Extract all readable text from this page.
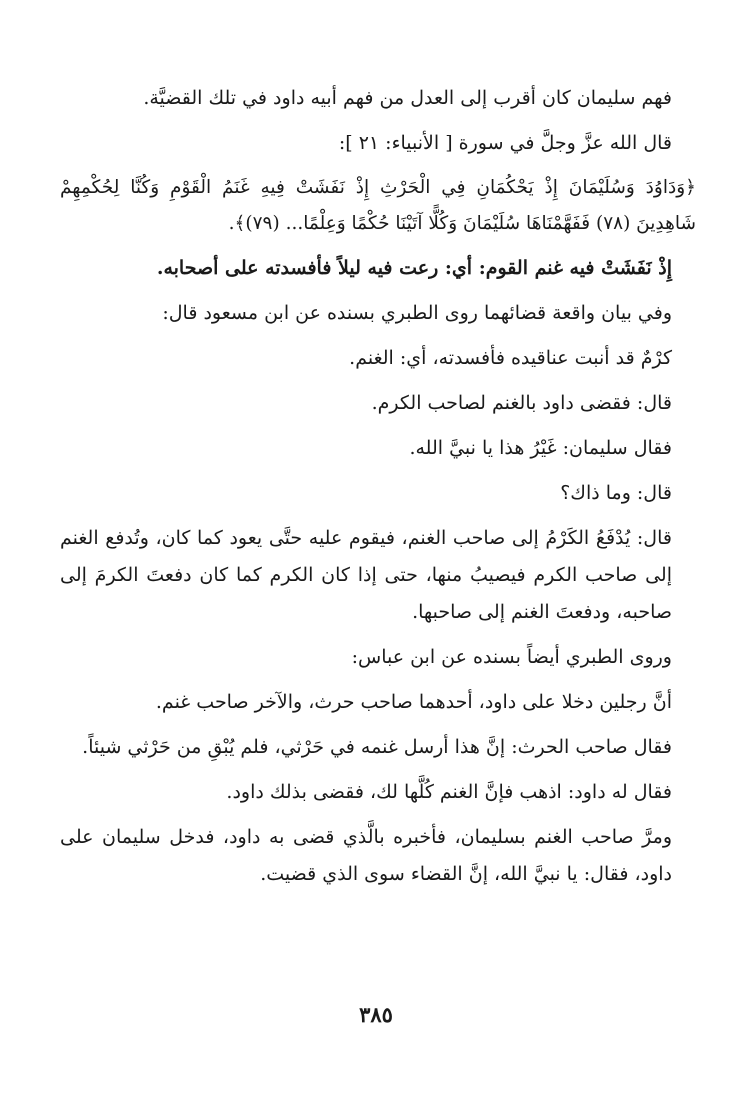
فهم سليمان كان أقرب إلى العدل من فهم أبيه داود في تلك القضيَّة.

قال الله عزَّ وجلَّ في سورة [ الأنبياء: ٢١ ]:

﴿وَدَاوُدَ وَسُلَيْمَانَ إِذْ يَحْكُمَانِ فِي الْحَرْثِ إِذْ نَفَشَتْ فِيهِ غَنَمُ الْقَوْمِ وَكُنَّا لِحُكْمِهِمْ شَاهِدِينَ (٧٨) فَفَهَّمْنَاهَا سُلَيْمَانَ وَكُلًّا آتَيْنَا حُكْمًا وَعِلْمًا... (٧٩)﴾.

إِذْ نَفَشَتْ فيه غنم القوم: أي: رعت فيه ليلاً فأفسدته على أصحابه.

وفي بيان واقعة قضائهما روى الطبري بسنده عن ابن مسعود قال:

كرْمٌ قد أنبت عناقيده فأفسدته، أي: الغنم.

قال: فقضى داود بالغنم لصاحب الكرم.

فقال سليمان: غَيْرُ هذا يا نبيَّ الله.

قال: وما ذاك؟

قال: يُدْفَعُ الكَرْمُ إلى صاحب الغنم، فيقوم عليه حتَّى يعود كما كان، وتُدفع الغنم إلى صاحب الكرم فيصيبُ منها، حتى إذا كان الكرم كما كان دفعتَ الكرمَ إلى صاحبه، ودفعتَ الغنم إلى صاحبها.

وروى الطبري أيضاً بسنده عن ابن عباس:

أنَّ رجلين دخلا على داود، أحدهما صاحب حرث، والآخر صاحب غنم.

فقال صاحب الحرث: إنَّ هذا أرسل غنمه في حَرْثي، فلم يُبْقِ من حَرْثي شيئاً.

فقال له داود: اذهب فإنَّ الغنم كُلَّها لك، فقضى بذلك داود.

ومرَّ صاحب الغنم بسليمان، فأخبره بالَّذي قضى به داود، فدخل سليمان على داود، فقال: يا نبيَّ الله، إنَّ القضاء سوى الذي قضيت.

٣٨٥
